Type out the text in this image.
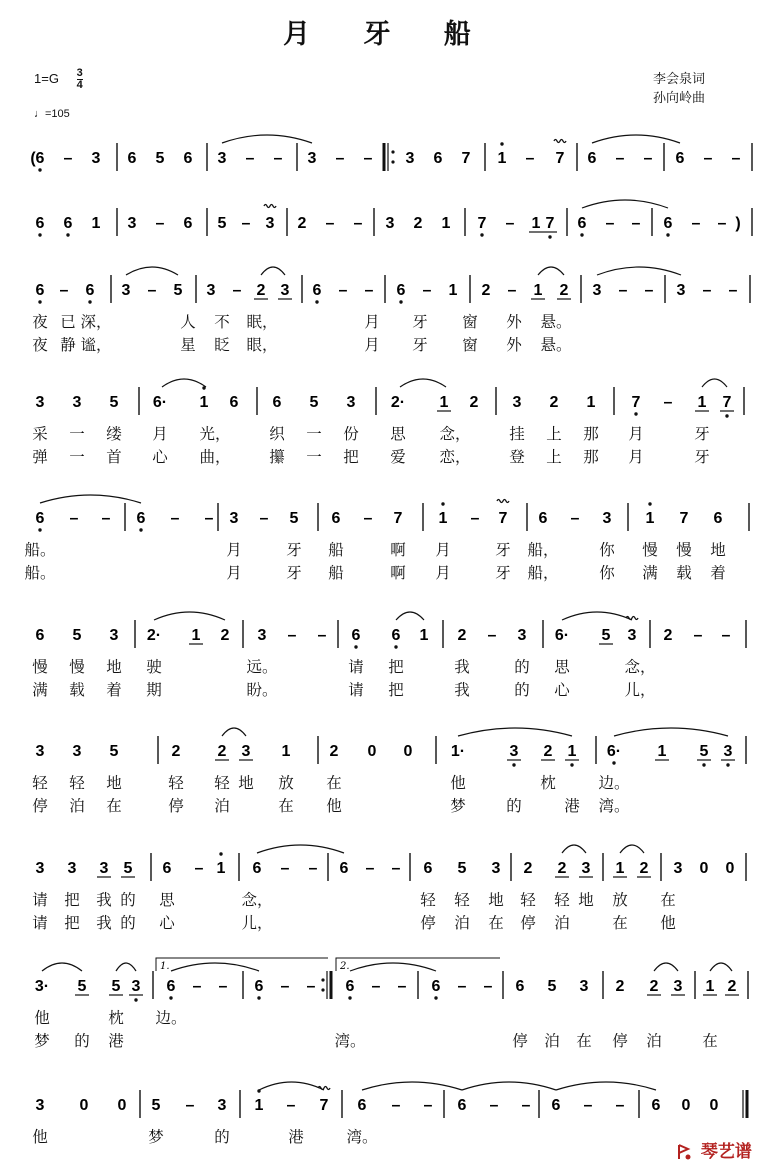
月 牙 船
$1=G \frac{3}{4}$
♩=105
李会泉词
孙向岭曲
( 6 – 3 6 5 6 3 – – 3 – – 3 6 7 1 – 7 6 – – 6 – –
6 6 1 3 – 6 5 – 3 2 – – 3 2 1 7 – 1 7 6 – – 6 – – )
6 – 6 3 – 5 3 – 2 3 6 – – 6 – 1 2 – 1 2 3 – – 3 – –
3 3 5 6· 1 6 6 5 3 2· 1 2 3 2 1 7 – 1 7
6 – – 6 – – 3 – 5 6 – 7 1 – 7 6 – 3 1 7 6
6 5 3 2· 1 2 3 – – 6 6 1 2 – 3 6· 5 3 2 – –
3 3 5	2 2 3 1 2 0 0 1·	3 2 1 6· 1 5 3
3 3 3 5 6 – 1 6 – – 6 – – 6 5 3 2 2 3 1 2 3 0 0
3· 5 5 3 6 – – 6 – – 6 – – 6 – – 6 5 3 2 2 3 1 2
3 0 0 5 – 3 1 – 7 6 – – 6 – – 6 – – 6 0 0
1.	2.
夜 已 深，	人 不 眠，	月 牙 窗 外 悬。
夜 静 谧，	星 眨 眼，	月 牙 窗 外 悬。
采 一 缕 月 光， 织 一 份 思 念， 挂 上 那 月	牙
弹 一 首 心 曲， 攥 一 把 爱 恋， 登 上 那 月	牙
船。	月	牙 船	啊 月	牙 船，	你 慢 慢 地
船。	月	牙 船	啊 月	牙 船，	你 满 载 着
慢 慢 地 驶	远。	请 把	我	的 思	念，
满 载 着 期	盼。	请 把	我	的 心	儿，
轻 轻 地	轻 轻 地 放 在	他	枕	边。
停 泊 在	停 泊	在 他	梦	的	港 湾。
请 把 我 的 思	念，	轻 轻 地 轻 轻 地 放 在
请 把 我 的 心	儿，	停 泊 在 停 泊	在 他
他	枕 边。
梦 的 港	湾。	停 泊 在 停 泊	在
他	梦	的	港	湾。
琴艺谱
